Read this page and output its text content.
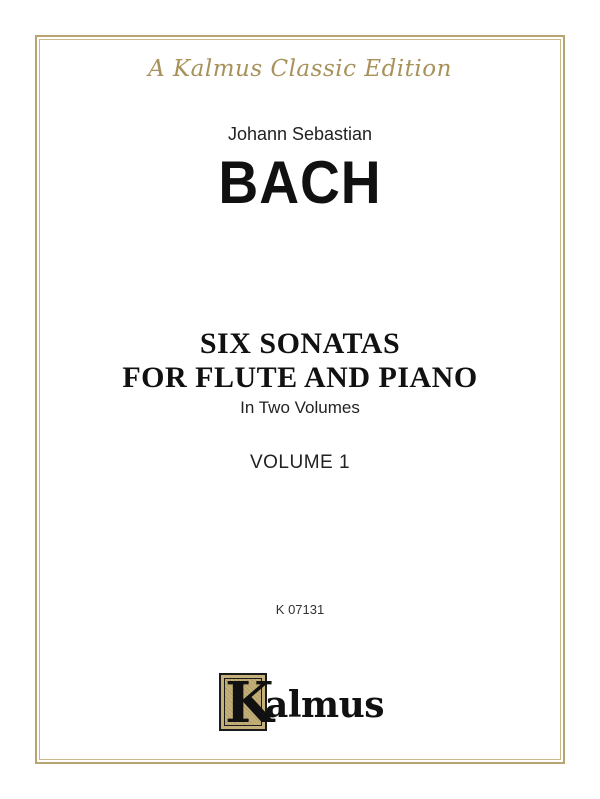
A Kalmus Classic Edition
Johann Sebastian
BACH
SIX SONATAS
FOR FLUTE AND PIANO
In Two Volumes
VOLUME 1
K 07131
K
almus
